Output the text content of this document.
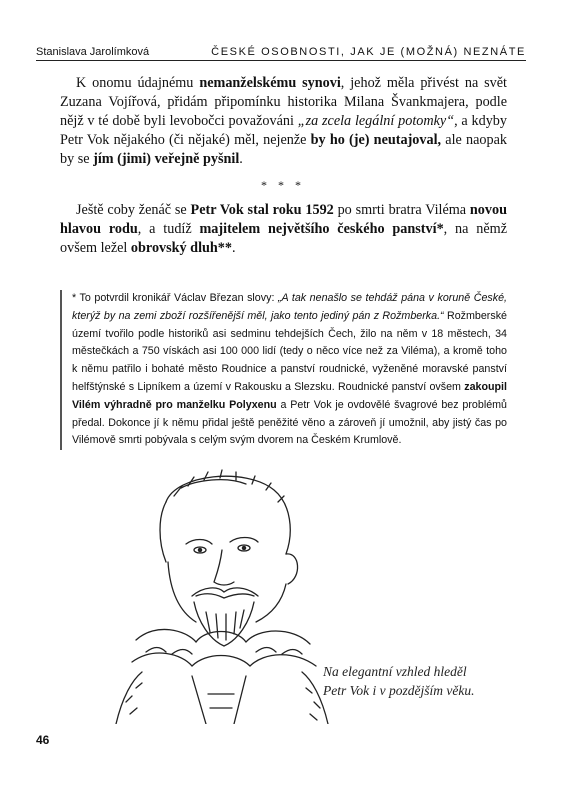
Stanislava Jarolímková	ČESKÉ OSOBNOSTI, JAK JE (MOŽNÁ) NEZNÁTE
K onomu údajnému nemanželskému synovi, jehož měla přivést na svět Zuzana Vojířová, přidám připomínku historika Milana Švankmajera, podle nějž v té době byli levobočci považováni „za zcela legální potomky“, a kdyby Petr Vok nějakého (či nějaké) měl, nejenže by ho (je) neutajoval, ale naopak by se jím (jimi) veřejně pyšnil.
* * *
Ještě coby ženáč se Petr Vok stal roku 1592 po smrti bratra Viléma novou hlavou rodu, a tudíž majitelem největšího českého panství*, na němž ovšem ležel obrovský dluh**.
* To potvrdil kronikář Václav Březan slovy: „A tak nenašlo se tehdáž pána v koruně České, kterýž by na zemi zboží rozšířenější měl, jako tento jediný pán z Rožmberka.“ Rožmberské území tvořilo podle historiků asi sedminu tehdejších Čech, žilo na něm v 18 městech, 34 městečkách a 750 vískách asi 100 000 lidí (tedy o něco více než za Viléma), a kromě toho k němu patřilo i bohaté město Roudnice a panství roudnické, vyženěné moravské panství helfštýnské s Lipníkem a území v Rakousku a Slezsku. Roudnické panství ovšem zakoupil Vilém výhradně pro manželku Polyxenu a Petr Vok je ovdovělé švagrové bez problémů předal. Dokonce jí k němu přidal ještě peněžité věno a zároveň jí umožnil, aby jistý čas po Vilémově smrti pobývala s celým svým dvorem na Českém Krumlově.
Na elegantní vzhled hleděl
Petr Vok i v pozdějším věku.
46
